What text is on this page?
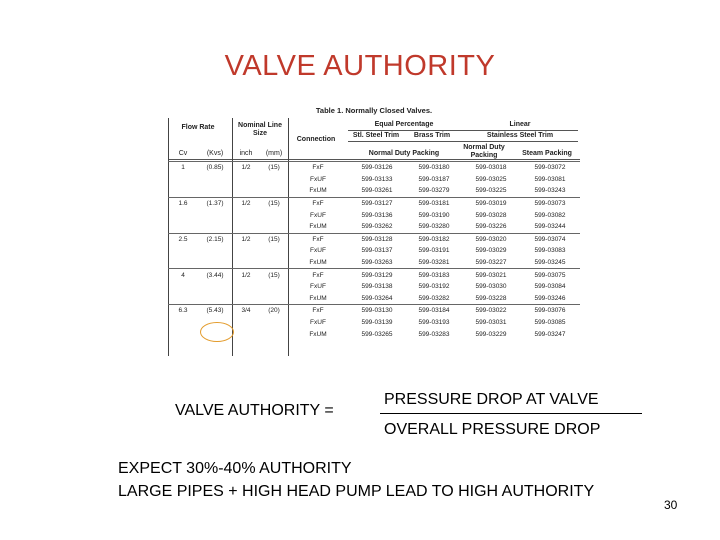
VALVE AUTHORITY
Table 1. Normally Closed Valves.
Flow Rate	Nominal Line Size
Connection
Equal Percentage	Linear
Stl. Steel Trim	Brass Trim	Stainless Steel Trim
Normal Duty Packing
Normal Duty Packing	Steam Packing
Cv	(Kvs)	inch	(mm)
1	(0.85)	1/2	(15)	FxF	599-03126	599-03180	599-03018	599-03072
				FxUF	599-03133	599-03187	599-03025	599-03081
				FxUM	599-03261	599-03279	599-03225	599-03243
1.6	(1.37)	1/2	(15)	FxF	599-03127	599-03181	599-03019	599-03073
				FxUF	599-03136	599-03190	599-03028	599-03082
				FxUM	599-03262	599-03280	599-03226	599-03244
2.5	(2.15)	1/2	(15)	FxF	599-03128	599-03182	599-03020	599-03074
				FxUF	599-03137	599-03191	599-03029	599-03083
				FxUM	599-03263	599-03281	599-03227	599-03245
4	(3.44)	1/2	(15)	FxF	599-03129	599-03183	599-03021	599-03075
				FxUF	599-03138	599-03192	599-03030	599-03084
				FxUM	599-03264	599-03282	599-03228	599-03246
6.3	(5.43)	3/4	(20)	FxF	599-03130	599-03184	599-03022	599-03076
				FxUF	599-03139	599-03193	599-03031	599-03085
				FxUM	599-03265	599-03283	599-03229	599-03247
VALVE AUTHORITY =
PRESSURE DROP AT VALVE
OVERALL PRESSURE DROP
EXPECT 30%-40% AUTHORITY
LARGE PIPES + HIGH HEAD PUMP LEAD TO HIGH AUTHORITY
30
